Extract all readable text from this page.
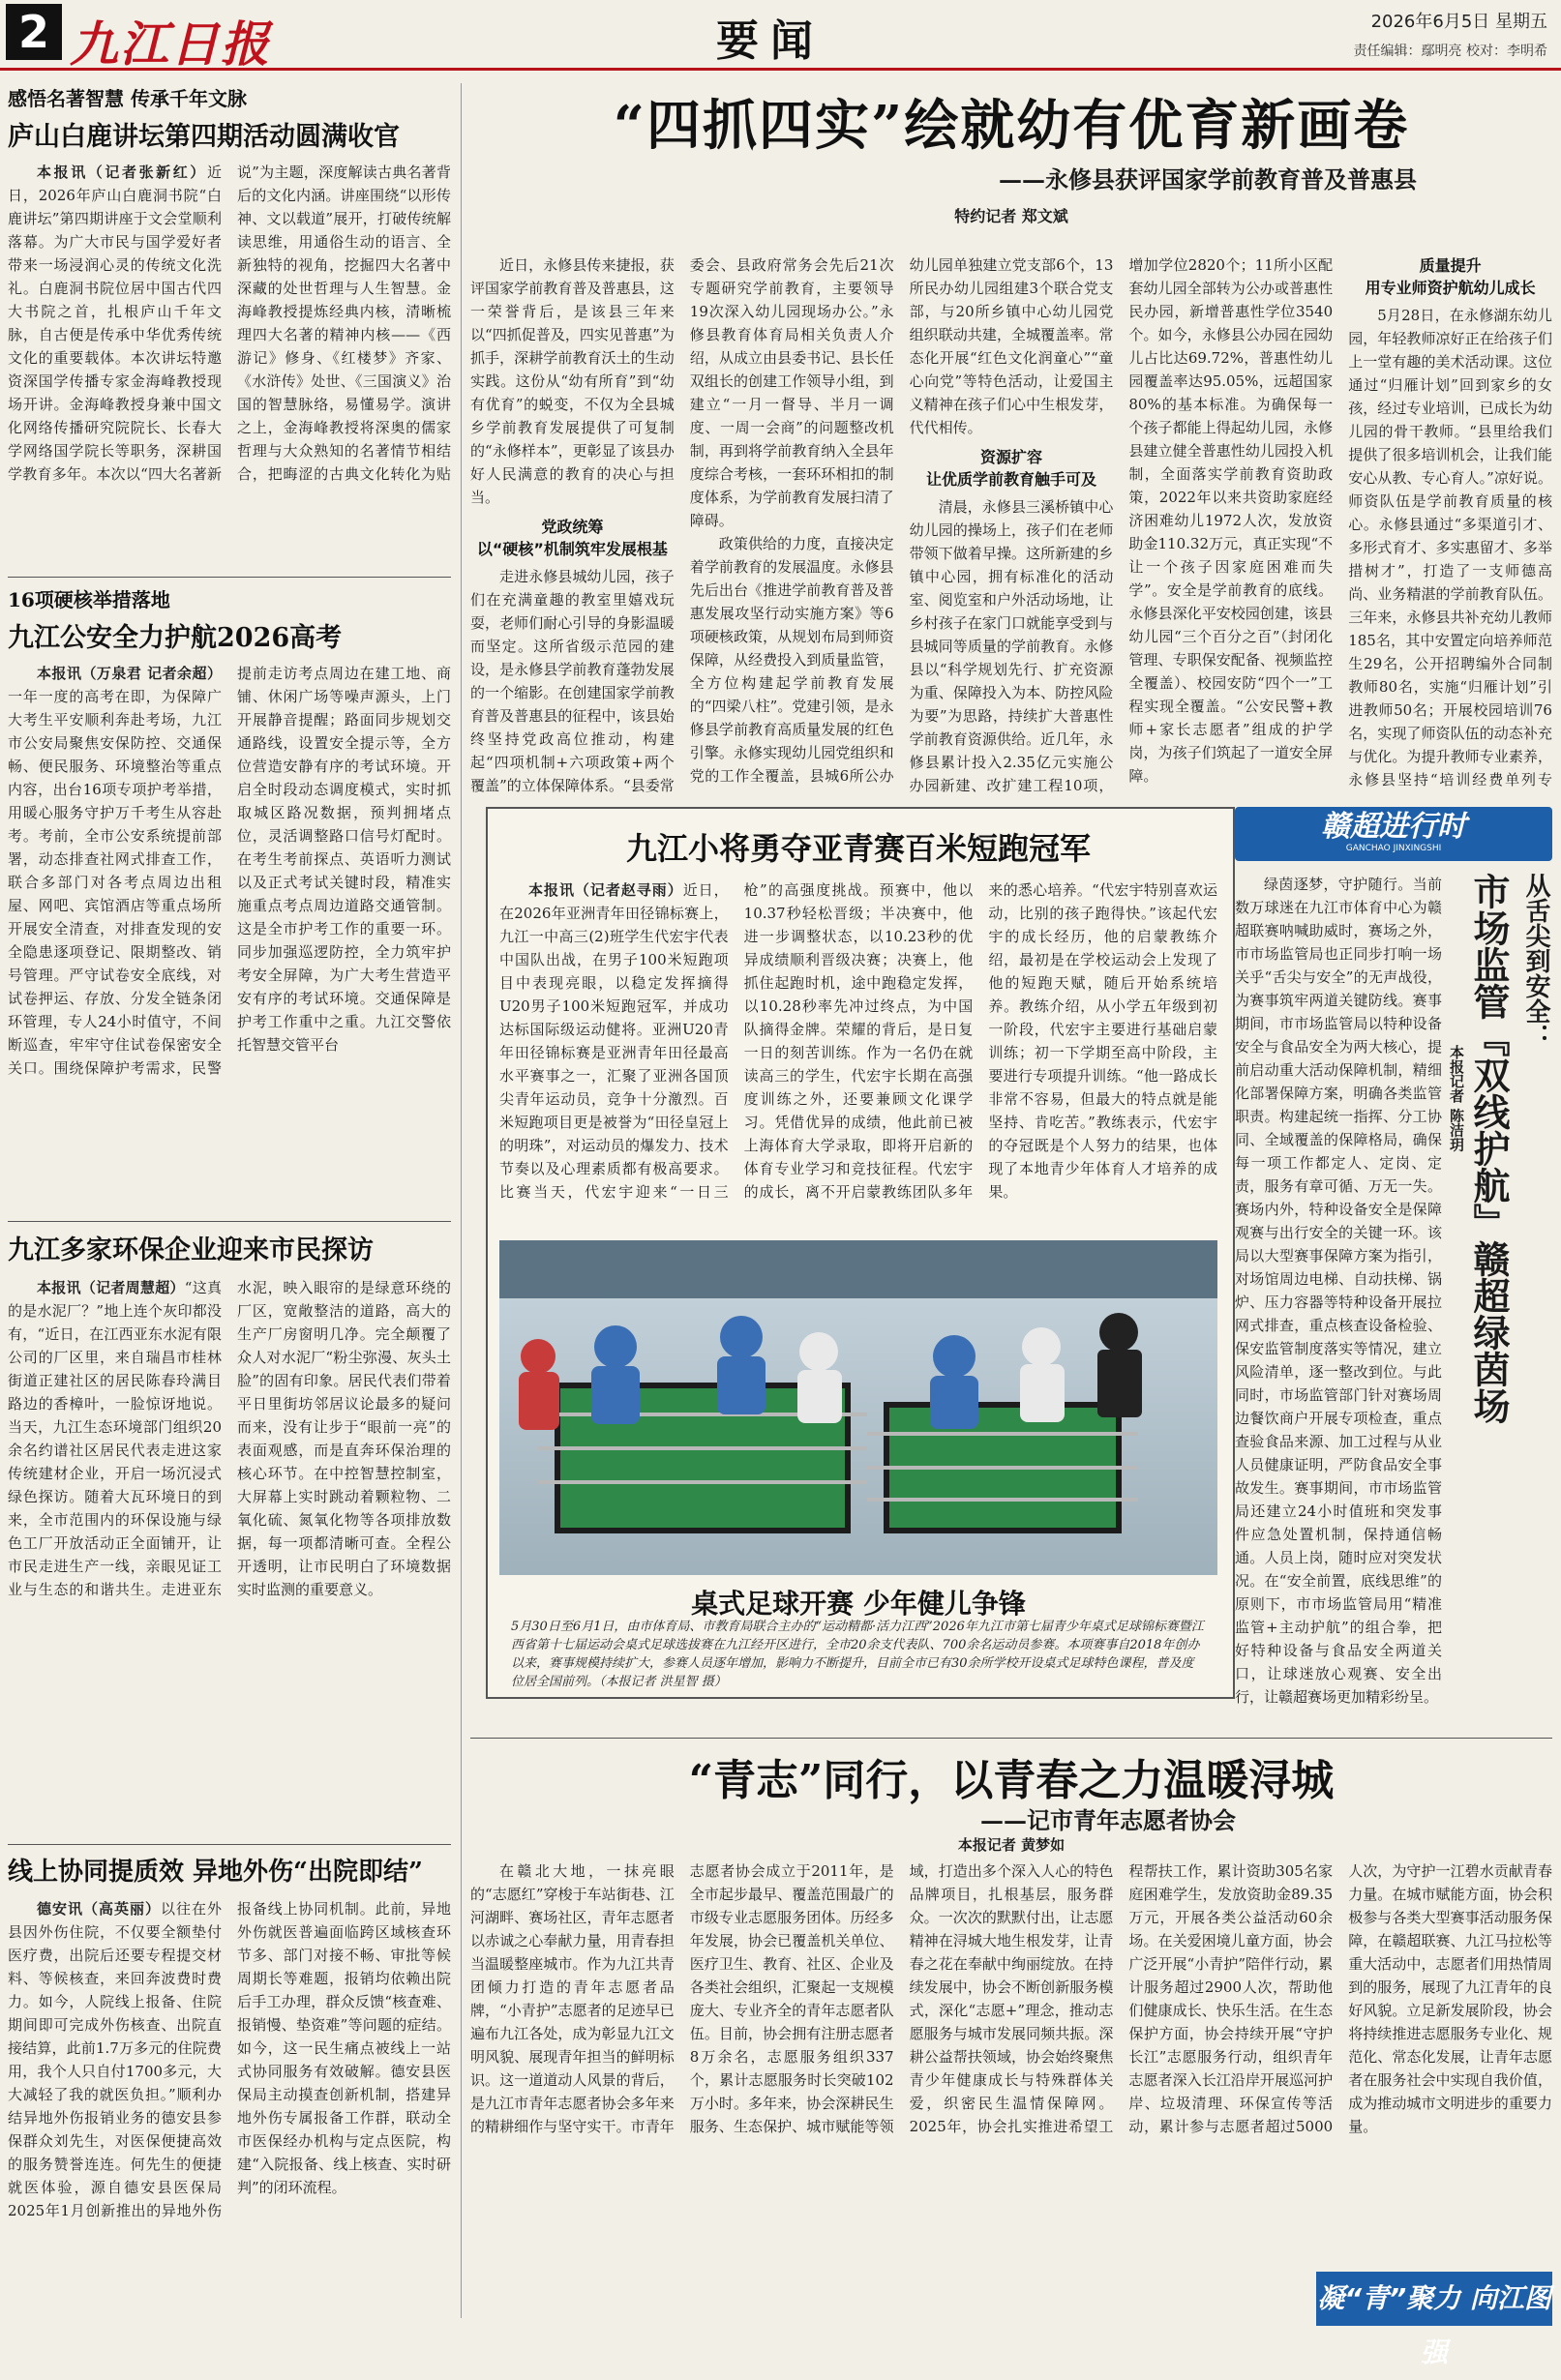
2 九江日报	要闻	2026年6月5日 星期五
责任编辑：鄢明亮 校对：李明希
感悟名著智慧 传承千年文脉
庐山白鹿讲坛第四期活动圆满收官

本报讯（记者张新红）近日，2026年庐山白鹿洞书院“白鹿讲坛”第四期讲座于文会堂顺利落幕。为广大市民与国学爱好者带来一场浸润心灵的传统文化洗礼。白鹿洞书院位居中国古代四大书院之首，扎根庐山千年文脉，自古便是传承中华优秀传统文化的重要载体。本次讲坛特邀资深国学传播专家金海峰教授现场开讲。金海峰教授身兼中国文化网络传播研究院院长、长春大学网络国学院长等职务，深耕国学教育多年。本次以“四大名著新说”为主题，深度解读古典名著背后的文化内涵。讲座围绕“以形传神、文以载道”展开，打破传统解读思维，用通俗生动的语言、全新独特的视角，挖掘四大名著中深藏的处世哲理与人生智慧。金海峰教授提炼经典内核，清晰梳理四大名著的精神内核——《西游记》修身、《红楼梦》齐家、《水浒传》处世、《三国演义》治国的智慧脉络，易懂易学。演讲之上，金海峰教授将深奥的儒家哲理与大众熟知的名著情节相结合，把晦涩的古典文化转化为贴

16项硬核举措落地
九江公安全力护航2026高考

本报讯（万泉君 记者余超）一年一度的高考在即，为保障广大考生平安顺利奔赴考场，九江市公安局聚焦安保防控、交通保畅、便民服务、环境整治等重点内容，出台16项专项护考举措，用暖心服务守护万千考生从容赴考。考前，全市公安系统提前部署，动态排查社网式排查工作，联合多部门对各考点周边出租屋、网吧、宾馆酒店等重点场所开展安全清查，对排查发现的安全隐患逐项登记、限期整改、销号管理。严守试卷安全底线，对试卷押运、存放、分发全链条闭环管理，专人24小时值守，不间断巡查，牢牢守住试卷保密安全关口。围绕保障护考需求，民警提前走访考点周边在建工地、商铺、休闲广场等噪声源头，上门开展静音提醒；路面同步规划交通路线，设置安全提示等，全方位营造安静有序的考试环境。开启全时段动态调度模式，实时抓取城区路况数据，预判拥堵点位，灵活调整路口信号灯配时。在考生考前探点、英语听力测试以及正式考试关键时段，精准实施重点考点周边道路交通管制。这是全市护考工作的重要一环。同步加强巡逻防控，全力筑牢护考安全屏障，为广大考生营造平安有序的考试环境。交通保障是护考工作重中之重。九江交警依托智慧交管平台

九江多家环保企业迎来市民探访

本报讯（记者周慧超）“这真的是水泥厂？”地上连个灰印都没有，“近日，在江西亚东水泥有限公司的厂区里，来自瑞昌市桂林街道正建社区的居民陈春玲满目路边的香樟叶，一脸惊讶地说。当天，九江生态环境部门组织20余名约谱社区居民代表走进这家传统建材企业，开启一场沉浸式绿色探访。随着大瓦环境日的到来，全市范围内的环保设施与绿色工厂开放活动正全面铺开，让市民走进生产一线，亲眼见证工业与生态的和谐共生。走进亚东水泥，映入眼帘的是绿意环绕的厂区，宽敞整洁的道路，高大的生产厂房窗明几净。完全颠覆了众人对水泥厂“粉尘弥漫、灰头土脸”的固有印象。居民代表们带着平日里街坊邻居议论最多的疑问而来，没有让步于“眼前一亮”的表面观感，而是直奔环保治理的核心环节。在中控智慧控制室，大屏幕上实时跳动着颗粒物、二氧化硫、氮氧化物等各项排放数据，每一项都清晰可查。全程公开透明，让市民明白了环境数据实时监测的重要意义。

线上协同提质效 异地外伤“出院即结”

德安讯（高英丽）以往在外县因外伤住院，不仅要全额垫付医疗费，出院后还要专程提交材料、等候核查，来回奔波费时费力。如今，人院线上报备、住院期间即可完成外伤核查、出院直接结算，此前1.7万多元的住院费用，我个人只自付1700多元，大大减轻了我的就医负担。”顺利办结异地外伤报销业务的德安县参保群众刘先生，对医保便捷高效的服务赞誉连连。何先生的便捷就医体验，源自德安县医保局2025年1月创新推出的异地外伤报备线上协同机制。此前，异地外伤就医普遍面临跨区域核查环节多、部门对接不畅、审批等候周期长等难题，报销均依赖出院后手工办理，群众反馈“核查难、报销慢、垫资难”等问题的症结。如今，这一民生痛点被线上一站式协同服务有效破解。德安县医保局主动摸查创新机制，搭建异地外伤专属报备工作群，联动全市医保经办机构与定点医院，构建“入院报备、线上核查、实时研判”的闭环流程。

“四抓四实”绘就幼有优育新画卷
——永修县获评国家学前教育普及普惠县
特约记者 郑文斌

近日，永修县传来捷报，获评国家学前教育普及普惠县，这一荣誉背后，是该县三年来以“四抓促普及，四实见普惠”为抓手，深耕学前教育沃土的生动实践。这份从“幼有所育”到“幼有优育”的蜕变，不仅为全县城乡学前教育发展提供了可复制的“永修样本”，更彰显了该县办好人民满意的教育的决心与担当。

党政统筹
以“硬核”机制筑牢发展根基

走进永修县城幼儿园，孩子们在充满童趣的教室里嬉戏玩耍，老师们耐心引导的身影温暖而坚定。这所省级示范园的建设，是永修县学前教育蓬勃发展的一个缩影。在创建国家学前教育普及普惠县的征程中，该县始终坚持党政高位推动，构建起“四项机制+六项政策+两个覆盖”的立体保障体系。“县委常委会、县政府常务会先后21次专题研究学前教育，主要领导19次深入幼儿园现场办公。”永修县教育体育局相关负责人介绍，从成立由县委书记、县长任双组长的创建工作领导小组，到建立“一月一督导、半月一调度、一周一会商”的问题整改机制，再到将学前教育纳入全县年度综合考核，一套环环相扣的制度体系，为学前教育发展扫清了障碍。

政策供给的力度，直接决定着学前教育的发展温度。永修县先后出台《推进学前教育普及普惠发展攻坚行动实施方案》等6项硬核政策，从规划布局到师资保障，从经费投入到质量监管，全方位构建起学前教育发展的“四梁八柱”。党建引领，是永修县学前教育高质量发展的红色引擎。永修实现幼儿园党组织和党的工作全覆盖，县城6所公办幼儿园单独建立党支部6个，13所民办幼儿园组建3个联合党支部，与20所乡镇中心幼儿园党组织联动共建，全城覆盖率。常态化开展“红色文化润童心”“童心向党”等特色活动，让爱国主义精神在孩子们心中生根发芽，代代相传。

资源扩容
让优质学前教育触手可及

清晨，永修县三溪桥镇中心幼儿园的操场上，孩子们在老师带领下做着早操。这所新建的乡镇中心园，拥有标准化的活动室、阅览室和户外活动场地，让乡村孩子在家门口就能享受到与县城同等质量的学前教育。永修县以“科学规划先行、扩充资源为重、保障投入为本、防控风险为要”为思路，持续扩大普惠性学前教育资源供给。近几年，永修县累计投入2.35亿元实施公办园新建、改扩建工程10项，增加学位2820个；11所小区配套幼儿园全部转为公办或普惠性民办园，新增普惠性学位3540个。如今，永修县公办园在园幼儿占比达69.72%，普惠性幼儿园覆盖率达95.05%，远超国家80%的基本标准。为确保每一个孩子都能上得起幼儿园，永修县建立健全普惠性幼儿园投入机制，全面落实学前教育资助政策，2022年以来共资助家庭经济困难幼儿1972人次，发放资助金110.32万元，真正实现“不让一个孩子因家庭困难而失学”。安全是学前教育的底线。永修县深化平安校园创建，该县幼儿园“三个百分之百”（封闭化管理、专职保安配备、视频监控全覆盖）、校园安防“四个一”工程实现全覆盖。“公安民警+教师+家长志愿者”组成的护学岗，为孩子们筑起了一道安全屏障。

质量提升
用专业师资护航幼儿成长

5月28日，在永修湖东幼儿园，年轻教师凉好正在给孩子们上一堂有趣的美术活动课。这位通过“归雁计划”回到家乡的女孩，经过专业培训，已成长为幼儿园的骨干教师。“县里给我们提供了很多培训机会，让我们能安心从教、专心育人。”凉好说。师资队伍是学前教育质量的核心。永修县通过“多渠道引才、多形式育才、多实惠留才、多举措树才”，打造了一支师德高尚、业务精湛的学前教育队伍。三年来，永修县共补充幼儿教师185名，其中安置定向培养师范生29名，公开招聘编外合同制教师80名，实施“归雁计划”引进教师50名；开展校园培训76名，实现了师资队伍的动态补充与优化。为提升教师专业素养，永修县坚持“培训经费单列专

九江小将勇夺亚青赛百米短跑冠军

本报讯（记者赵寻雨）近日，在2026年亚洲青年田径锦标赛上，九江一中高三(2)班学生代宏宇代表中国队出战，在男子100米短跑项目中表现亮眼，以稳定发挥摘得U20男子100米短跑冠军，并成功达标国际级运动健将。亚洲U20青年田径锦标赛是亚洲青年田径最高水平赛事之一，汇聚了亚洲各国顶尖青年运动员，竞争十分激烈。百米短跑项目更是被誉为“田径皇冠上的明珠”，对运动员的爆发力、技术节奏以及心理素质都有极高要求。比赛当天，代宏宇迎来“一日三枪”的高强度挑战。预赛中，他以10.37秒轻松晋级；半决赛中，他进一步调整状态，以10.23秒的优异成绩顺利晋级决赛；决赛上，他抓住起跑时机，途中跑稳定发挥，以10.28秒率先冲过终点，为中国队摘得金牌。荣耀的背后，是日复一日的刻苦训练。作为一名仍在就读高三的学生，代宏宇长期在高强度训练之外，还要兼顾文化课学习。凭借优异的成绩，他此前已被上海体育大学录取，即将开启新的体育专业学习和竞技征程。代宏宇的成长，离不开启蒙教练团队多年来的悉心培养。“代宏宇特别喜欢运动，比别的孩子跑得快。”该起代宏宇的成长经历，他的启蒙教练介绍，最初是在学校运动会上发现了他的短跑天赋，随后开始系统培养。教练介绍，从小学五年级到初一阶段，代宏宇主要进行基础启蒙训练；初一下学期至高中阶段，主要进行专项提升训练。“他一路成长非常不容易，但最大的特点就是能坚持、肯吃苦。”教练表示，代宏宇的夺冠既是个人努力的结果，也体现了本地青少年体育人才培养的成果。

桌式足球开赛 少年健儿争锋
5月30日至6月1日，由市体育局、市教育局联合主办的“运动精都·活力江西”2026年九江市第七届青少年桌式足球锦标赛暨江西省第十七届运动会桌式足球选拔赛在九江经开区进行，全市20余支代表队、700余名运动员参赛。本项赛事自2018年创办以来，赛事规模持续扩大，参赛人员逐年增加，影响力不断提升，目前全市已有30余所学校开设桌式足球特色课程，普及度位居全国前列。（本报记者 洪星智 摄）
赣超进行时
GANCHAO JINXINGSHI
从舌尖到安全：
市场监管『双线护航』赣超绿茵场
本报记者 陈洁玥

绿茵逐梦，守护随行。当前数万球迷在九江市体育中心为赣超联赛呐喊助威时，赛场之外，市市场监管局也正同步打响一场关乎“舌尖与安全”的无声战役，为赛事筑牢两道关键防线。赛事期间，市市场监管局以特种设备安全与食品安全为两大核心，提前启动重大活动保障机制，精细化部署保障方案，明确各类监管职责。构建起统一指挥、分工协同、全域覆盖的保障格局，确保每一项工作都定人、定岗、定责，服务有章可循、万无一失。赛场内外，特种设备安全是保障观赛与出行安全的关键一环。该局以大型赛事保障方案为指引，对场馆周边电梯、自动扶梯、锅炉、压力容器等特种设备开展拉网式排查，重点核查设备检验、保安监管制度落实等情况，建立风险清单，逐一整改到位。与此同时，市场监管部门针对赛场周边餐饮商户开展专项检查，重点查验食品来源、加工过程与从业人员健康证明，严防食品安全事故发生。赛事期间，市市场监管局还建立24小时值班和突发事件应急处置机制，保持通信畅通。人员上岗，随时应对突发状况。在“安全前置，底线思维”的原则下，市市场监管局用“精准监管+主动护航”的组合拳，把好特种设备与食品安全两道关口，让球迷放心观赛、安全出行，让赣超赛场更加精彩纷呈。

“青志”同行，以青春之力温暖浔城
——记市青年志愿者协会
本报记者 黄梦如

在赣北大地，一抹亮眼的“志愿红”穿梭于车站街巷、江河湖畔、赛场社区，青年志愿者以赤诚之心奉献力量，用青春担当温暖整座城市。作为九江共青团倾力打造的青年志愿者品牌，“小青护”志愿者的足迹早已遍布九江各处，成为彰显九江文明风貌、展现青年担当的鲜明标识。这一道道动人风景的背后，是九江市青年志愿者协会多年来的精耕细作与坚守实干。市青年志愿者协会成立于2011年，是全市起步最早、覆盖范围最广的市级专业志愿服务团体。历经多年发展，协会已覆盖机关单位、医疗卫生、教育、社区、企业及各类社会组织，汇聚起一支规模庞大、专业齐全的青年志愿者队伍。目前，协会拥有注册志愿者8万余名，志愿服务组织337个，累计志愿服务时长突破102万小时。多年来，协会深耕民生服务、生态保护、城市赋能等领域，打造出多个深入人心的特色品牌项目，扎根基层，服务群众。一次次的默默付出，让志愿精神在浔城大地生根发芽，让青春之花在奉献中绚丽绽放。在持续发展中，协会不断创新服务模式，深化“志愿+”理念，推动志愿服务与城市发展同频共振。深耕公益帮扶领域，协会始终聚焦青少年健康成长与特殊群体关爱，织密民生温情保障网。2025年，协会扎实推进希望工程帮扶工作，累计资助305名家庭困难学生，发放资助金89.35万元，开展各类公益活动60余场。在关爱困境儿童方面，协会广泛开展“小青护”陪伴行动，累计服务超过2900人次，帮助他们健康成长、快乐生活。在生态保护方面，协会持续开展“守护长江”志愿服务行动，组织青年志愿者深入长江沿岸开展巡河护岸、垃圾清理、环保宣传等活动，累计参与志愿者超过5000人次，为守护一江碧水贡献青春力量。在城市赋能方面，协会积极参与各类大型赛事活动服务保障，在赣超联赛、九江马拉松等重大活动中，志愿者们用热情周到的服务，展现了九江青年的良好风貌。立足新发展阶段，协会将持续推进志愿服务专业化、规范化、常态化发展，让青年志愿者在服务社会中实现自我价值，成为推动城市文明进步的重要力量。

凝“青”聚力 向江图强
